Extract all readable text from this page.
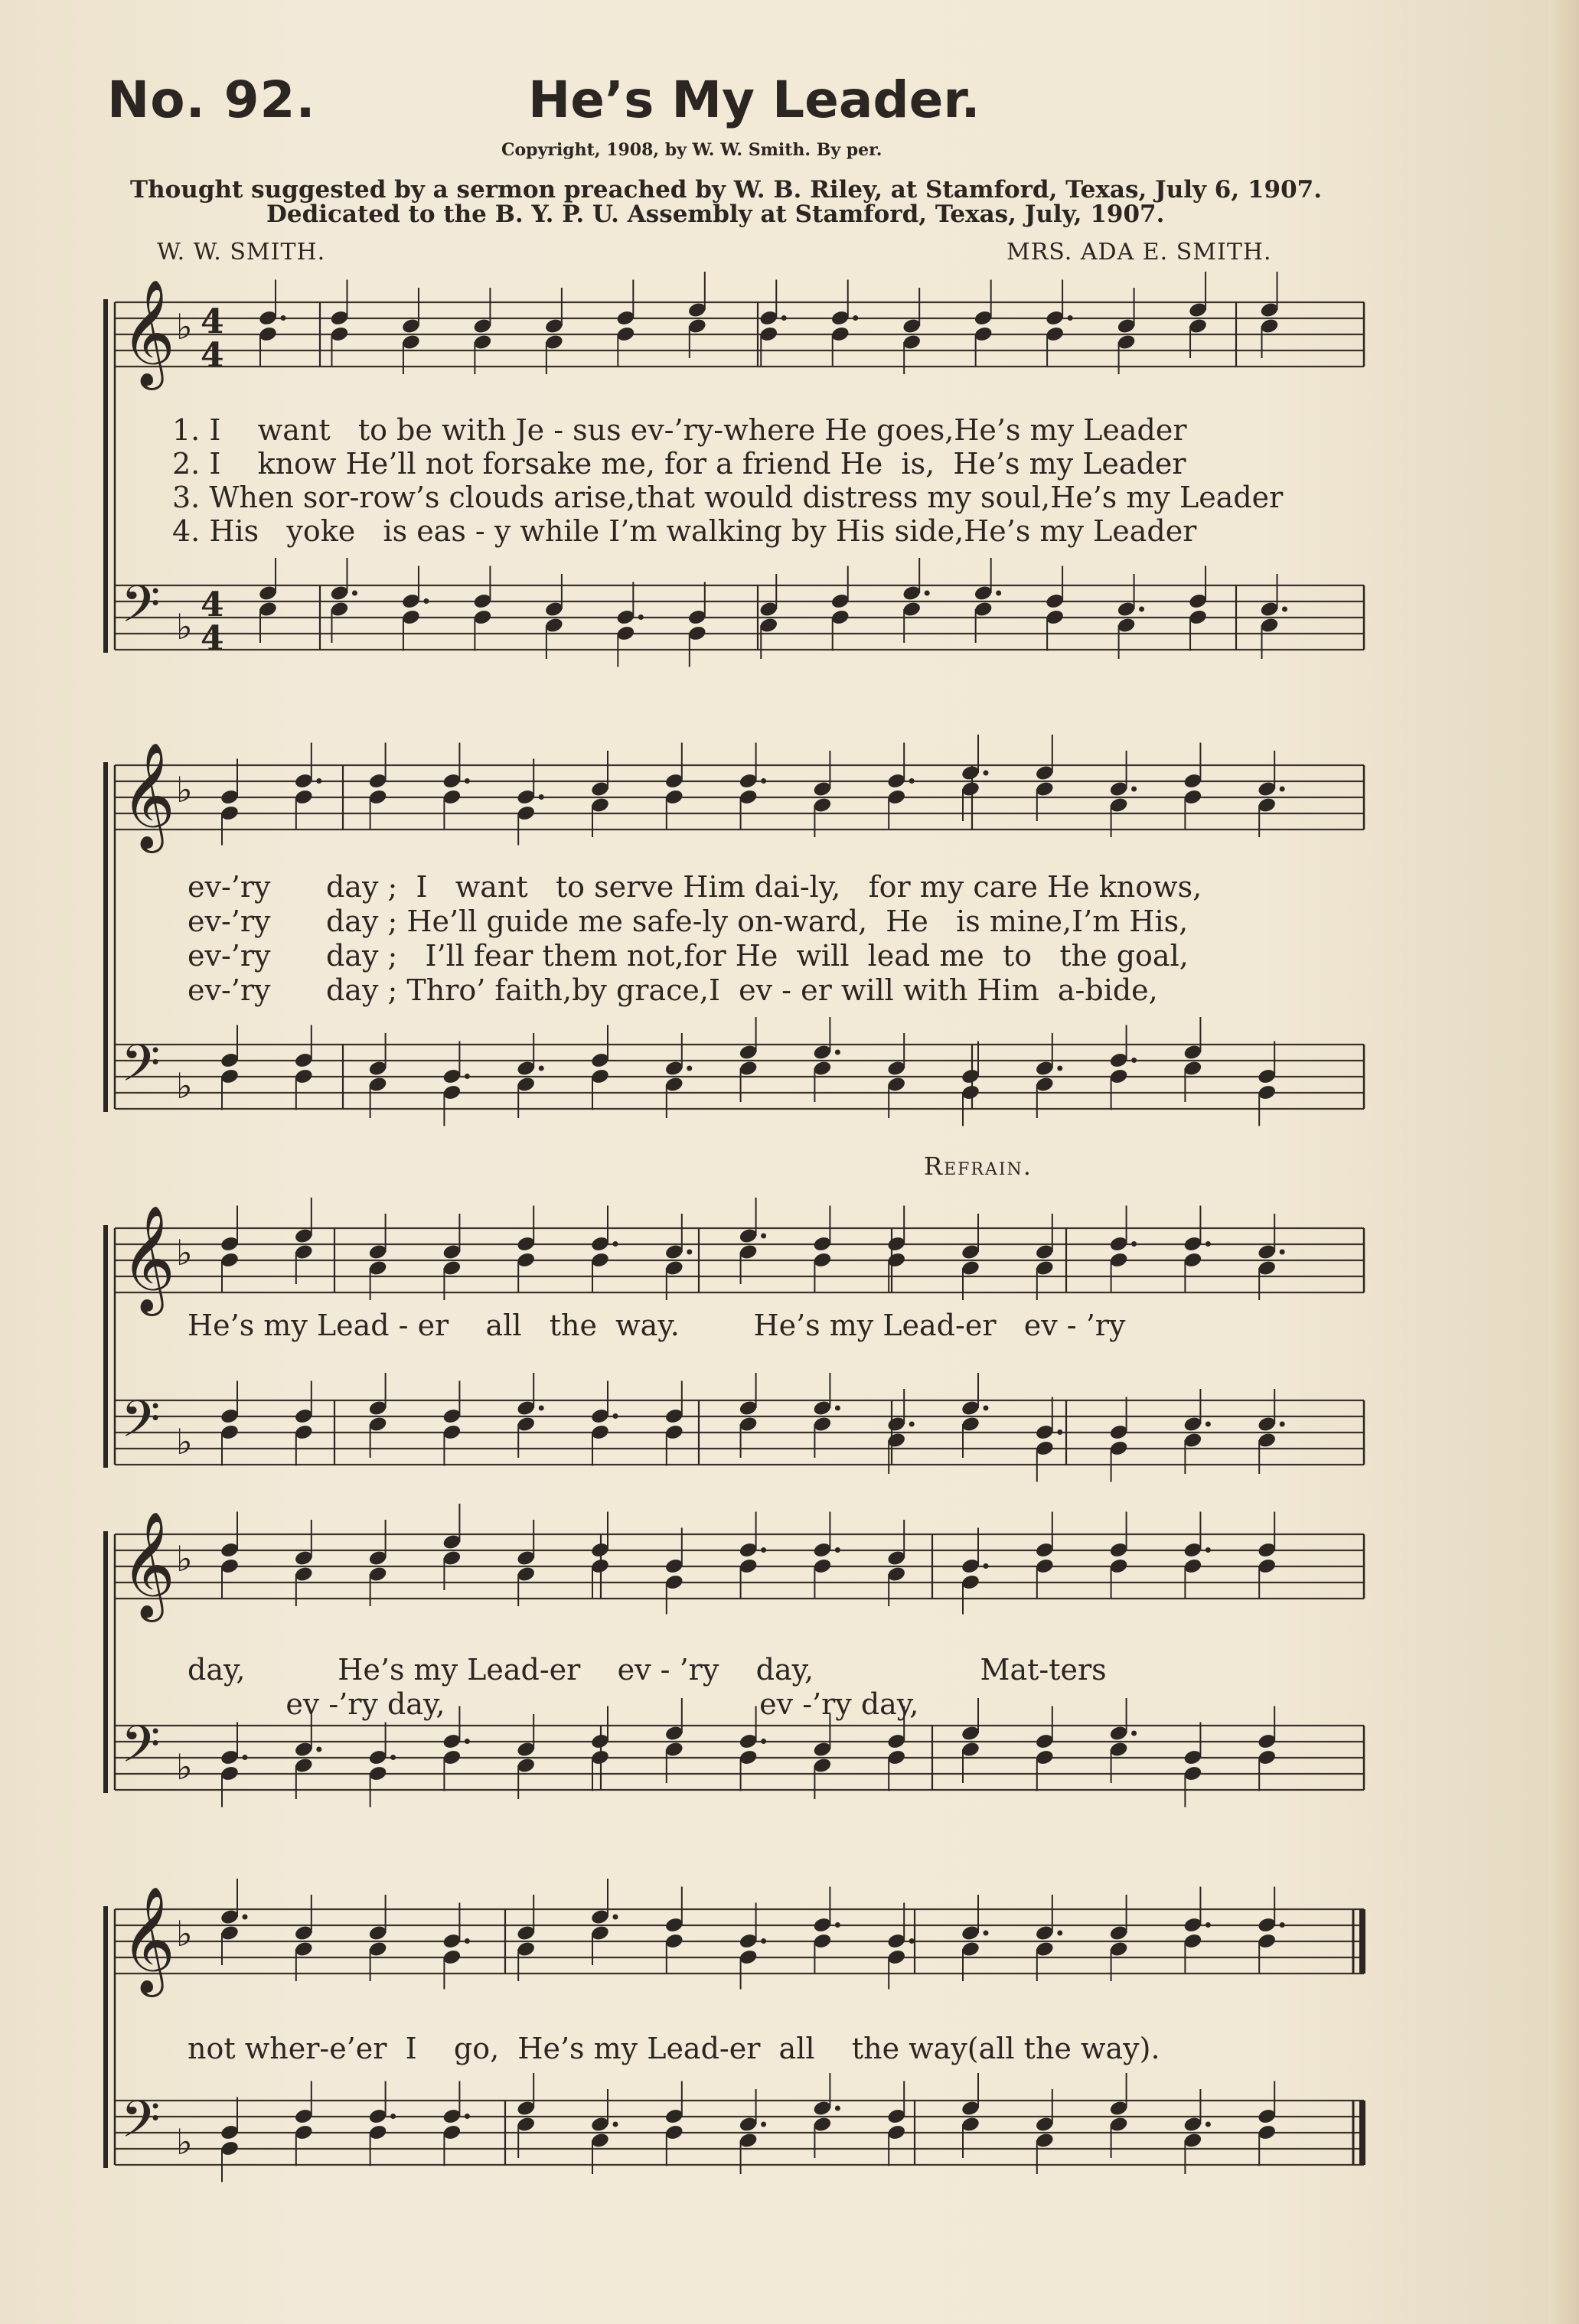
No. 92.	He’s My Leader.
Copyright, 1908, by W. W. Smith. By per.
Thought suggested by a sermon preached by W. B. Riley, at Stamford, Texas, July 6, 1907.
Dedicated to the B. Y. P. U. Assembly at Stamford, Texas, July, 1907.
W. W. SMITH.	MRS. ADA E. SMITH.
Refrain.
𝄞
𝄢
♭
♭
4
4
4
4
𝄞
𝄢
♭
♭
𝄞
𝄢
♭
♭
𝄞
𝄢
♭
♭
𝄞
𝄢
♭
♭
1. I    want   to be with Je - sus ev-’ry-where He goes,He’s my Leader
2. I    know He’ll not forsake me, for a friend He  is,  He’s my Leader
3. When sor-row’s clouds arise,that would distress my soul,He’s my Leader
4. His   yoke   is eas - y while I’m walking by His side,He’s my Leader
ev-’ry      day ;  I   want   to serve Him dai-ly,   for my care He knows,
ev-’ry      day ; He’ll guide me safe-ly on-ward,  He   is mine,I’m His,
ev-’ry      day ;   I’ll fear them not,for He  will  lead me  to   the goal,
ev-’ry      day ; Thro’ faith,by grace,I  ev - er will with Him  a-bide,
He’s my Lead - er    all   the  way.        He’s my Lead-er   ev - ’ry
day,          He’s my Lead-er    ev - ’ry    day,                  Mat-ters
ev -’ry day,                                  ev -’ry day,
not wher-e’er  I    go,  He’s my Lead-er  all    the way(all the way).
